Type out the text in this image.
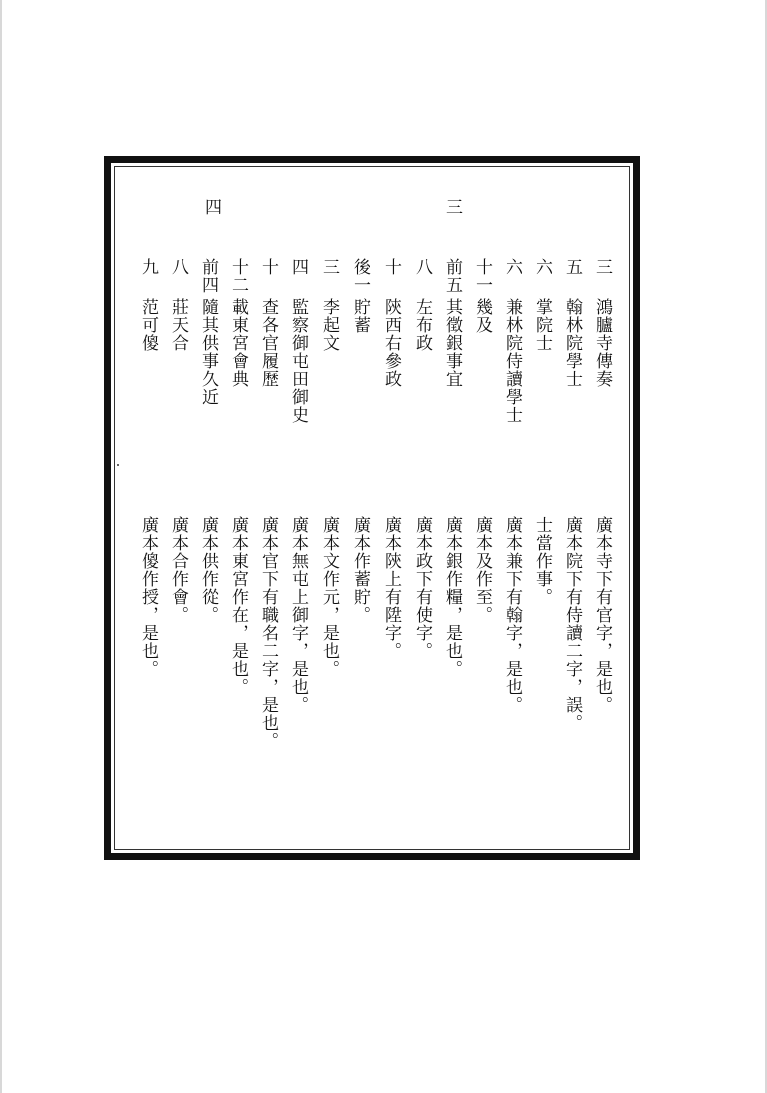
三
四
三
鴻臚寺傳奏
廣本寺下有官字，是也。
五
翰林院學士
廣本院下有侍讀二字，誤。
六
掌院士
士當作事。
六
兼林院侍讀學士
廣本兼下有翰字，是也。
十一
幾及
廣本及作至。
前五
其徵銀事宜
廣本銀作糧，是也。
八
左布政
廣本政下有使字。
十
陝西右參政
廣本陝上有陞字。
後一
貯蓄
廣本作蓄貯。
三
李起文
廣本文作元，是也。
四
監察御屯田御史
廣本無屯上御字，是也。
十
查各官履歷
廣本官下有職名二字，是也。
十二
載東宮會典
廣本東宮作在，是也。
前四
隨其供事久近
廣本供作從。
八
莊天合
廣本合作會。
九
范可傻
廣本傻作授，是也。
